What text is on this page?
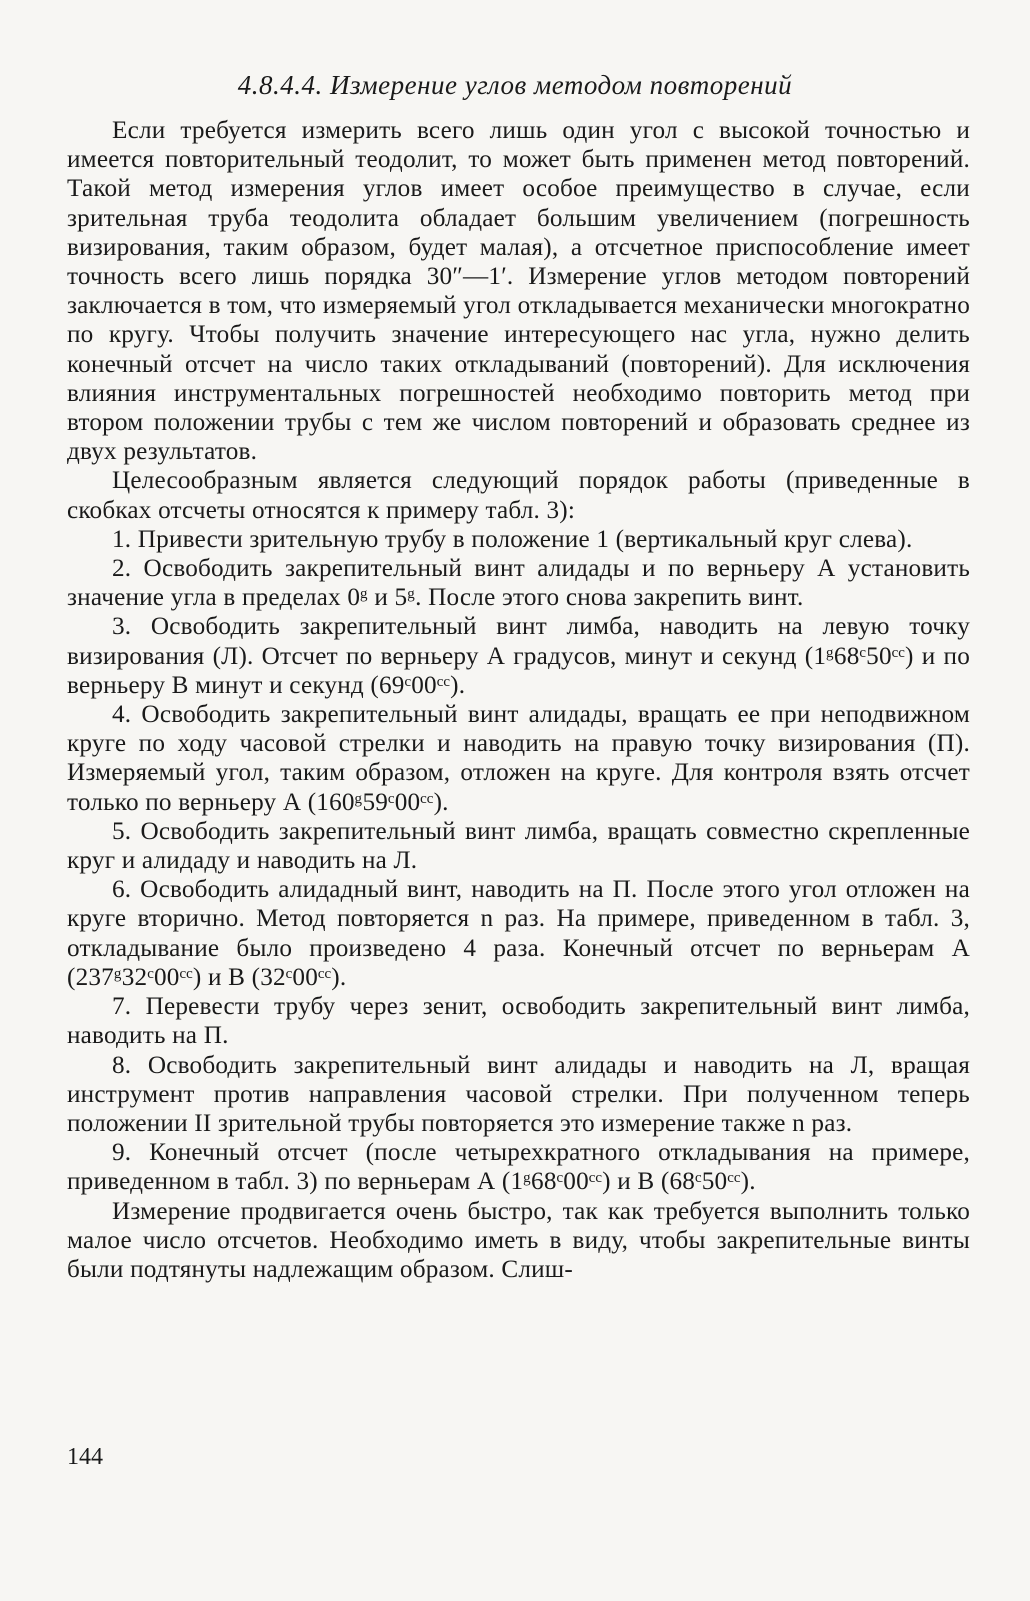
4.8.4.4. Измерение углов методом повторений

Если требуется измерить всего лишь один угол с высокой точностью и имеется повторительный теодолит, то может быть применен метод повторений. Такой метод измерения углов имеет особое преимущество в случае, если зрительная труба теодолита обладает большим увеличением (погрешность визирования, таким образом, будет малая), а отсчетное приспособление имеет точность всего лишь порядка 30″—1′. Измерение углов методом повторений заключается в том, что измеряемый угол откладывается механически многократно по кругу. Чтобы получить значение интересующего нас угла, нужно делить конечный отсчет на число таких откладываний (повторений). Для исключения влияния инструментальных погрешностей необходимо повторить метод при втором положении трубы с тем же числом повторений и образовать среднее из двух результатов.

Целесообразным является следующий порядок работы (приведенные в скобках отсчеты относятся к примеру табл. 3):

1. Привести зрительную трубу в положение 1 (вертикальный круг слева).

2. Освободить закрепительный винт алидады и по верньеру А установить значение угла в пределах 0ᵍ и 5ᵍ. После этого снова закрепить винт.

3. Освободить закрепительный винт лимба, наводить на левую точку визирования (Л). Отсчет по верньеру А градусов, минут и секунд (1ᵍ68ᶜ50ᶜᶜ) и по верньеру В минут и секунд (69ᶜ00ᶜᶜ).

4. Освободить закрепительный винт алидады, вращать ее при неподвижном круге по ходу часовой стрелки и наводить на правую точку визирования (П). Измеряемый угол, таким образом, отложен на круге. Для контроля взять отсчет только по верньеру А (160ᵍ59ᶜ00ᶜᶜ).

5. Освободить закрепительный винт лимба, вращать совместно скрепленные круг и алидаду и наводить на Л.

6. Освободить алидадный винт, наводить на П. После этого угол отложен на круге вторично. Метод повторяется n раз. На примере, приведенном в табл. 3, откладывание было произведено 4 раза. Конечный отсчет по верньерам А (237ᵍ32ᶜ00ᶜᶜ) и В (32ᶜ00ᶜᶜ).

7. Перевести трубу через зенит, освободить закрепительный винт лимба, наводить на П.

8. Освободить закрепительный винт алидады и наводить на Л, вращая инструмент против направления часовой стрелки. При полученном теперь положении II зрительной трубы повторяется это измерение также n раз.

9. Конечный отсчет (после четырехкратного откладывания на примере, приведенном в табл. 3) по верньерам А (1ᵍ68ᶜ00ᶜᶜ) и В (68ᶜ50ᶜᶜ).

Измерение продвигается очень быстро, так как требуется выполнить только малое число отсчетов. Необходимо иметь в виду, чтобы закрепительные винты были подтянуты надлежащим образом. Слиш-

144
